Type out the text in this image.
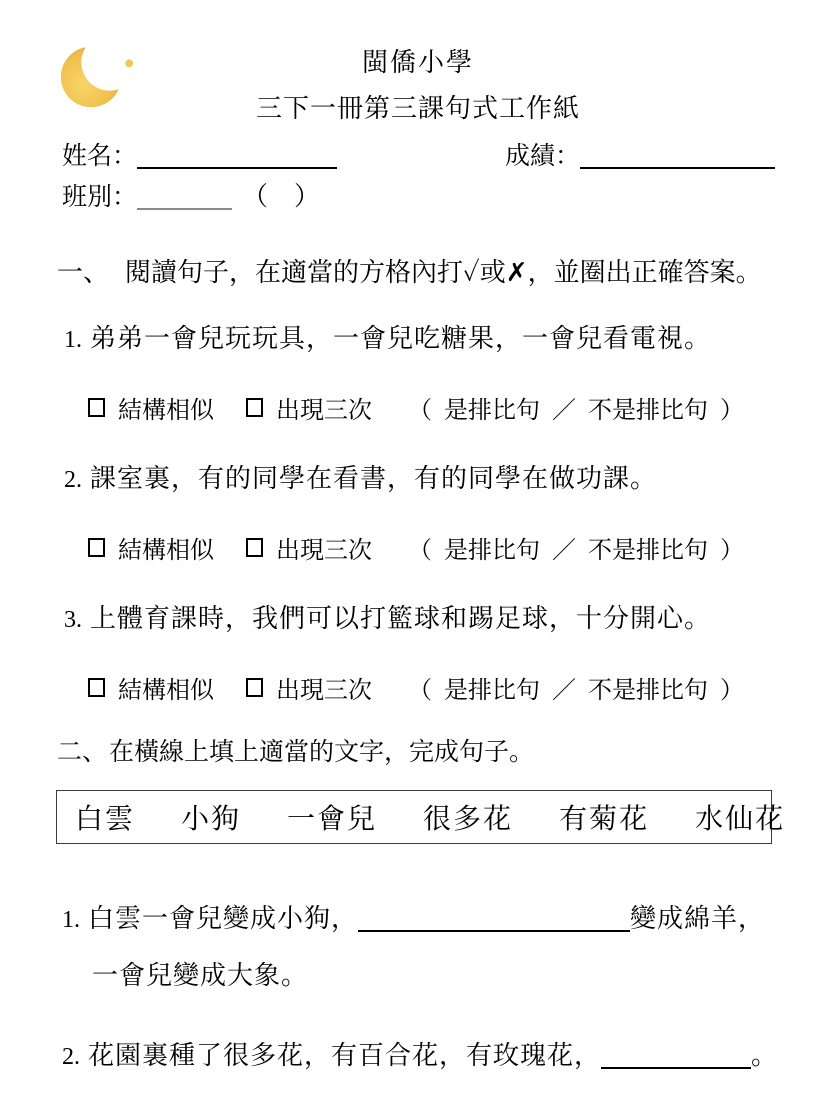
閩僑小學
三下一冊第三課句式工作紙
姓名：	成績：
班別：	（ ）
一、 閱讀句子，在適當的方格內打✓或✗，並圈出正確答案。
1. 弟弟一會兒玩玩具，一會兒吃糖果，一會兒看電視。
結構相似	出現三次 （ 是排比句 ／ 不是排比句 ）
2. 課室裏，有的同學在看書，有的同學在做功課。
結構相似	出現三次 （ 是排比句 ／ 不是排比句 ）
3. 上體育課時，我們可以打籃球和踢足球，十分開心。
結構相似	出現三次 （ 是排比句 ／ 不是排比句 ）
二、 在橫線上填上適當的文字，完成句子。
白雲 小狗 一會兒 很多花 有菊花 水仙花
1. 白雲一會兒變成小狗，	變成綿羊，
一會兒變成大象。
2. 花園裏種了很多花，有百合花，有玫瑰花，	。
